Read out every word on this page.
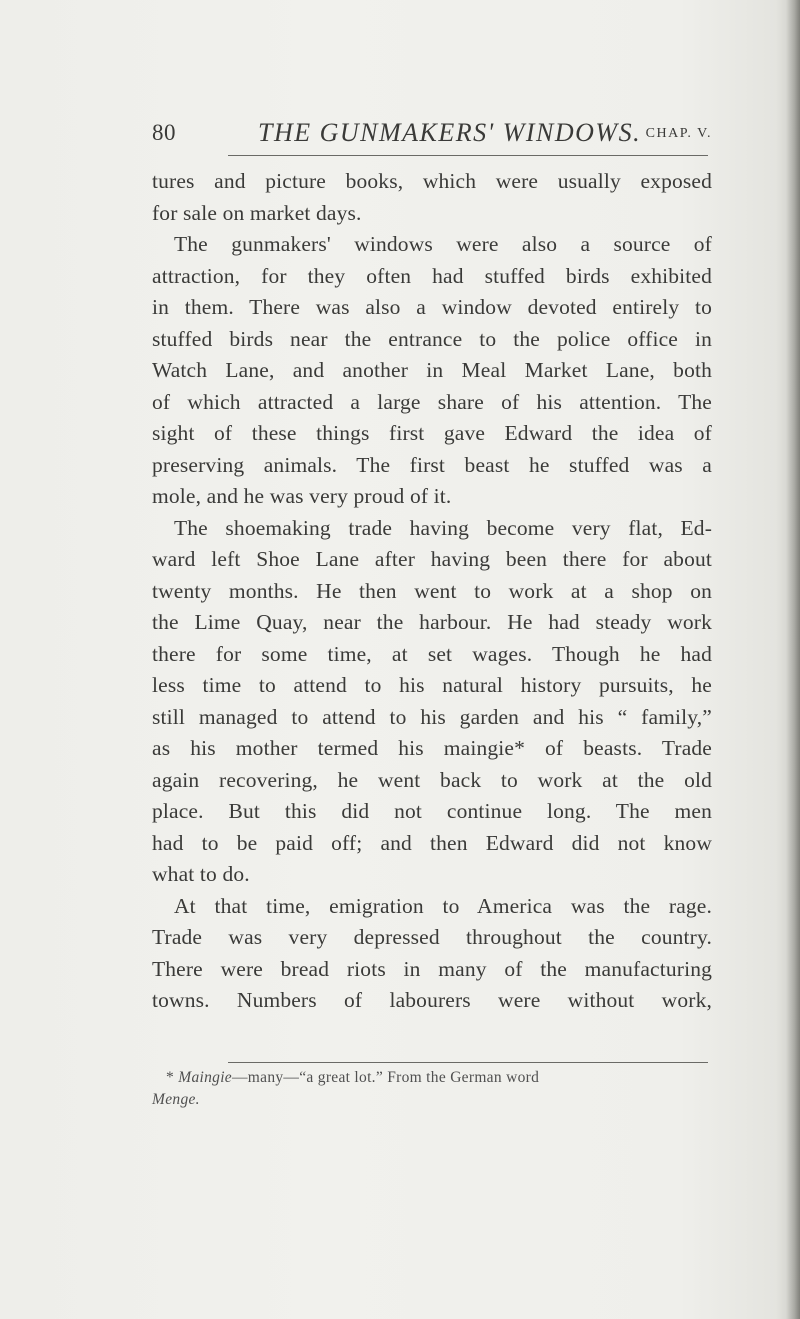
80	THE GUNMAKERS' WINDOWS. CHAP. V.
tures and picture books, which were usually exposed
for sale on market days.
The gunmakers' windows were also a source of
attraction, for they often had stuffed birds exhibited
in them. There was also a window devoted entirely to
stuffed birds near the entrance to the police office in
Watch Lane, and another in Meal Market Lane, both
of which attracted a large share of his attention. The
sight of these things first gave Edward the idea of
preserving animals. The first beast he stuffed was a
mole, and he was very proud of it.
The shoemaking trade having become very flat, Ed-
ward left Shoe Lane after having been there for about
twenty months. He then went to work at a shop on
the Lime Quay, near the harbour. He had steady work
there for some time, at set wages. Though he had
less time to attend to his natural history pursuits, he
still managed to attend to his garden and his “ family,”
as his mother termed his maingie* of beasts. Trade
again recovering, he went back to work at the old
place. But this did not continue long. The men
had to be paid off; and then Edward did not know
what to do.
At that time, emigration to America was the rage.
Trade was very depressed throughout the country.
There were bread riots in many of the manufacturing
towns. Numbers of labourers were without work,
* Maingie—many—“a great lot.” From the German word
Menge.
